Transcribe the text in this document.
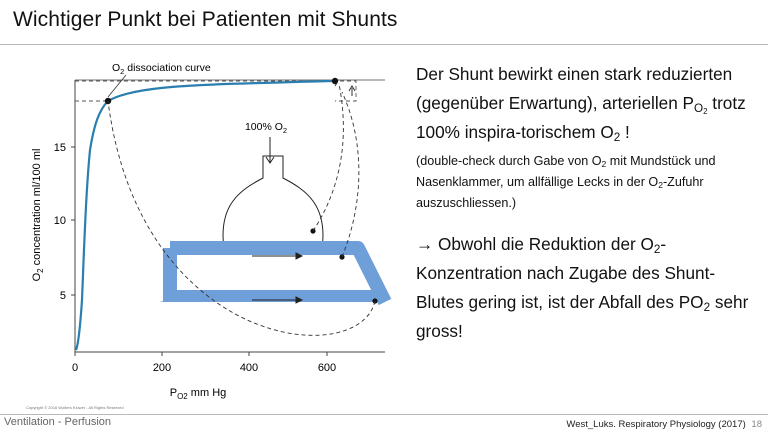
Wichtiger Punkt bei Patienten mit Shunts
5
10
15
0	200	400	600
$P_{O2}$ mm Hg
$O_2$ concentration ml/100 ml
$O_2$ dissociation curve
100% $O_2$
Copyright © 2016 Wolters Kluwer - All Rights Reserved

Der Shunt bewirkt einen stark reduzierten (gegenüber Erwartung), arteriellen $P_{O_2}$ trotz 100% inspira-torischem $O_2$ !

(double-check durch Gabe von $O_2$ mit Mundstück und Nasenklammer, um allfällige Lecks in der $O_2$-Zufuhr auszuschliessen.)

→ Obwohl die Reduktion der $O_2$-Konzentration nach Zugabe des Shunt-Blutes gering ist, ist der Abfall des $PO_2$ sehr gross!

Ventilation - Perfusion	West_Luks. Respiratory Physiology (2017) 18
